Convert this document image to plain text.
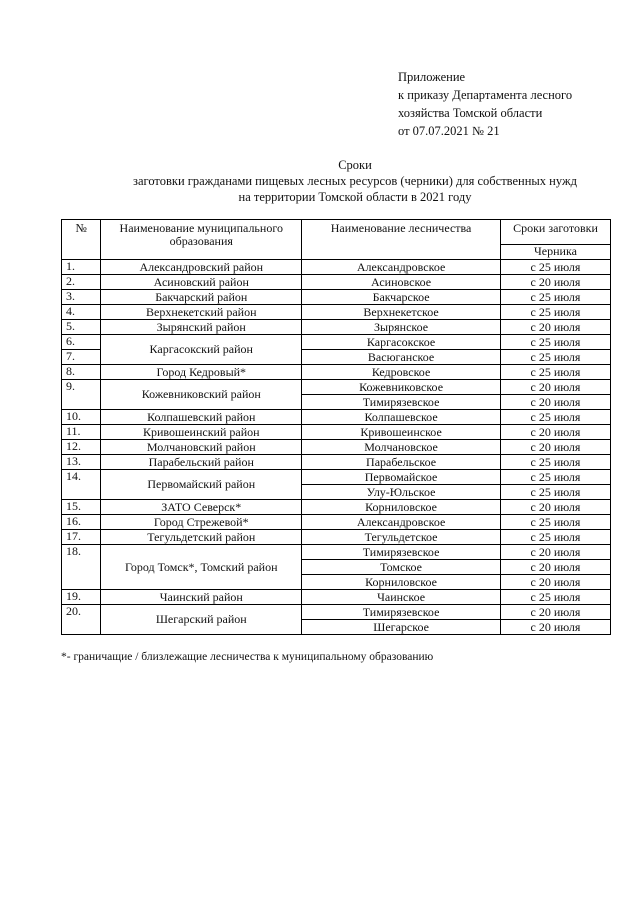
Приложение
к приказу Департамента лесного
хозяйства Томской области
от 07.07.2021 № 21
Сроки
заготовки гражданами пищевых лесных ресурсов (черники) для собственных нужд
на территории Томской области в 2021 году
№	Наименование муниципального образования	Наименование лесничества	Сроки заготовки
			Черника
1.	Александровский район	Александровское	с 25 июля
2.	Асиновский район	Асиновское	с 20 июля
3.	Бакчарский район	Бакчарское	с 25 июля
4.	Верхнекетский район	Верхнекетское	с 25 июля
5.	Зырянский район	Зырянское	с 20 июля
6.	Каргасокский район	Каргасокское	с 25 июля
7.		Васюганское	с 25 июля
8.	Город Кедровый*	Кедровское	с 25 июля
9.	Кожевниковский район	Кожевниковское	с 20 июля
		Тимирязевское	с 20 июля
10.	Колпашевский район	Колпашевское	с 25 июля
11.	Кривошеинский район	Кривошеинское	с 20 июля
12.	Молчановский район	Молчановское	с 20 июля
13.	Парабельский район	Парабельское	с 25 июля
14.	Первомайский район	Первомайское	с 25 июля
		Улу-Юльское	с 25 июля
15.	ЗАТО Северск*	Корниловское	с 20 июля
16.	Город Стрежевой*	Александровское	с 25 июля
17.	Тегульдетский район	Тегульдетское	с 25 июля
18.	Город Томск*, Томский район	Тимирязевское	с 20 июля
		Томское	с 20 июля
		Корниловское	с 20 июля
19.	Чаинский район	Чаинское	с 25 июля
20.	Шегарский район	Тимирязевское	с 20 июля
		Шегарское	с 20 июля
*- граничащие / близлежащие лесничества к муниципальному образованию
